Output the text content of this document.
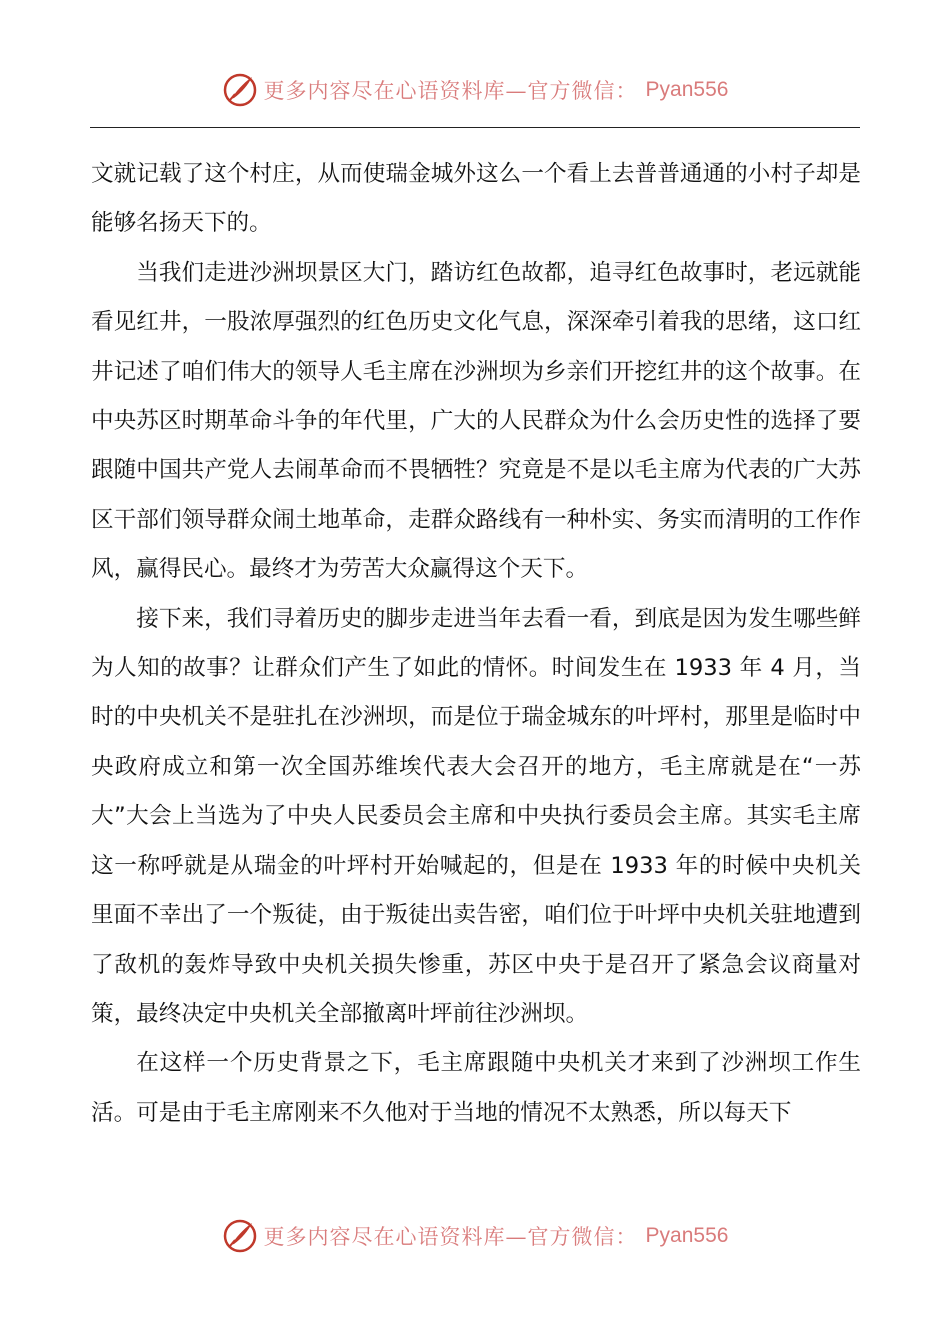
更多内容尽在心语资料库—官方微信： Pyan556

文就记载了这个村庄，从而使瑞金城外这么一个看上去普普通通的小村子却是能够名扬天下的。

当我们走进沙洲坝景区大门，踏访红色故都，追寻红色故事时，老远就能看见红井，一股浓厚强烈的红色历史文化气息，深深牵引着我的思绪，这口红井记述了咱们伟大的领导人毛主席在沙洲坝为乡亲们开挖红井的这个故事。在中央苏区时期革命斗争的年代里，广大的人民群众为什么会历史性的选择了要跟随中国共产党人去闹革命而不畏牺牲？究竟是不是以毛主席为代表的广大苏区干部们领导群众闹土地革命，走群众路线有一种朴实、务实而清明的工作作风，赢得民心。最终才为劳苦大众赢得这个天下。

接下来，我们寻着历史的脚步走进当年去看一看，到底是因为发生哪些鲜为人知的故事？让群众们产生了如此的情怀。时间发生在 1933 年 4 月，当时的中央机关不是驻扎在沙洲坝，而是位于瑞金城东的叶坪村，那里是临时中央政府成立和第一次全国苏维埃代表大会召开的地方，毛主席就是在“一苏大”大会上当选为了中央人民委员会主席和中央执行委员会主席。其实毛主席这一称呼就是从瑞金的叶坪村开始喊起的，但是在 1933 年的时候中央机关里面不幸出了一个叛徒，由于叛徒出卖告密，咱们位于叶坪中央机关驻地遭到了敌机的轰炸导致中央机关损失惨重，苏区中央于是召开了紧急会议商量对策，最终决定中央机关全部撤离叶坪前往沙洲坝。

在这样一个历史背景之下，毛主席跟随中央机关才来到了沙洲坝工作生活。可是由于毛主席刚来不久他对于当地的情况不太熟悉，所以每天下

更多内容尽在心语资料库—官方微信： Pyan556
